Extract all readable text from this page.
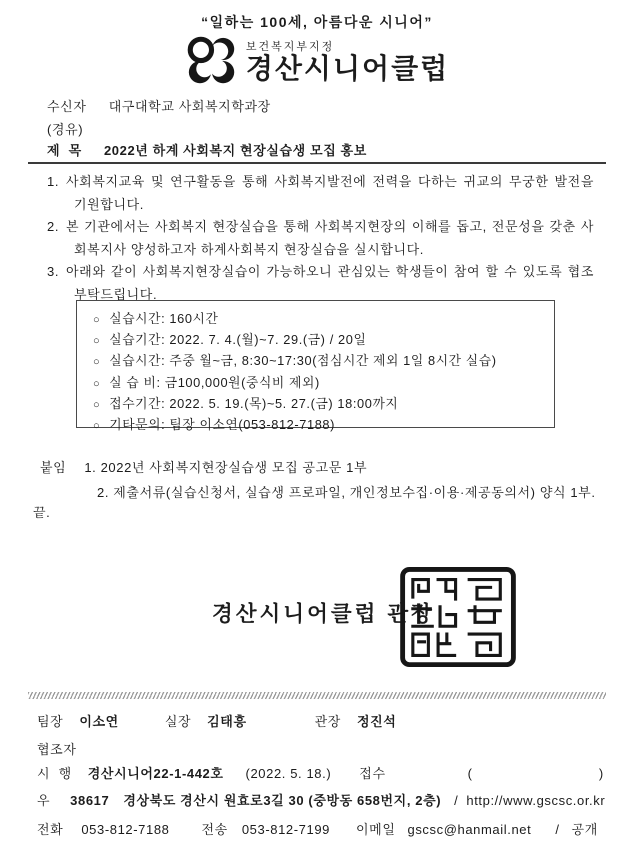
“일하는 100세, 아름다운 시니어”
보건복지부지정
경산시니어클럽
수신자 대구대학교 사회복지학과장
(경유)
제  목 2022년 하계 사회복지 현장실습생 모집 홍보

1. 사회복지교육 및 연구활동을 통해 사회복지발전에 전력을 다하는 귀교의 무궁한 발전을 기원합니다.

2. 본 기관에서는 사회복지 현장실습을 통해 사회복지현장의 이해를 돕고, 전문성을 갖춘 사회복지사 양성하고자 하계사회복지 현장실습을 실시합니다.

3. 아래와 같이 사회복지현장실습이 가능하오니 관심있는 학생들이 참여 할 수 있도록 협조 부탁드립니다.

○ 실습시간: 160시간
○ 실습기간: 2022. 7. 4.(월)~7. 29.(금) / 20일
○ 실습시간: 주중 월~금, 8:30~17:30(점심시간 제외 1일 8시간 실습)
○ 실 습 비: 금100,000원(중식비 제외)
○ 접수기간: 2022. 5. 19.(목)~5. 27.(금) 18:00까지
○ 기타문의: 팀장 이소연(053-812-7188)
붙임 1. 2022년 사회복지현장실습생 모집 공고문 1부
2. 제출서류(실습신청서, 실습생 프로파일, 개인정보수집·이용·제공동의서) 양식 1부.
끝.
경산시니어클럽 관장
팀장 이소연	실장 김태흥	관장 정진석
협조자
시  행 경산시니어22-1-442호 (2022. 5. 18.) 접수	(                              )
우 38617 경상북도 경산시 원효로3길 30 (중방동 658번지, 2층) / http://www.gscsc.or.kr
전화 053-812-7188 전송 053-812-7199 이메일 gscsc@hanmail.net / 공개
